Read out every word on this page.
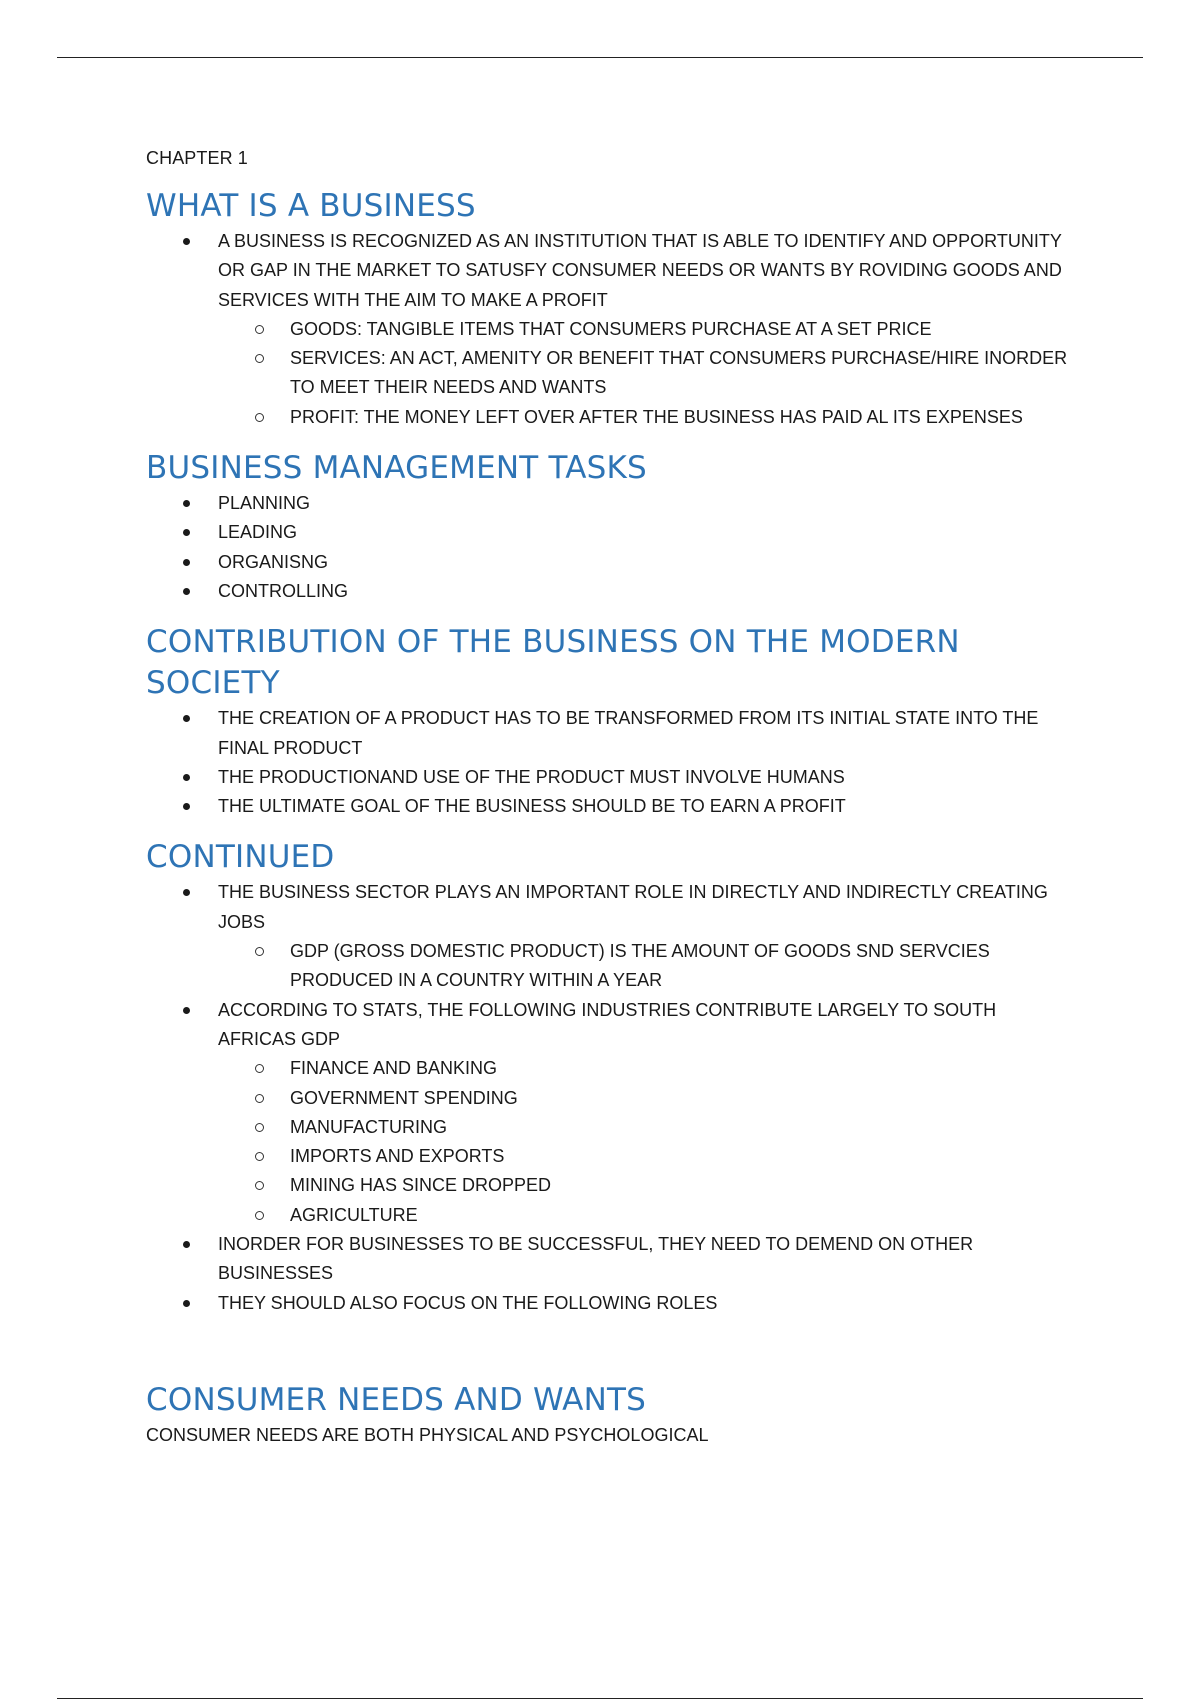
CHAPTER 1
WHAT IS A BUSINESS
A BUSINESS IS RECOGNIZED AS AN INSTITUTION THAT IS ABLE TO IDENTIFY AND OPPORTUNITY OR GAP IN THE MARKET TO SATUSFY CONSUMER NEEDS OR WANTS BY ROVIDING GOODS AND SERVICES WITH THE AIM TO MAKE A PROFIT
GOODS: TANGIBLE ITEMS THAT CONSUMERS PURCHASE AT A SET PRICE
SERVICES: AN ACT, AMENITY OR BENEFIT THAT CONSUMERS PURCHASE/HIRE INORDER TO MEET THEIR NEEDS AND WANTS
PROFIT: THE MONEY LEFT OVER AFTER THE BUSINESS HAS PAID AL ITS EXPENSES
BUSINESS MANAGEMENT TASKS
PLANNING
LEADING
ORGANISNG
CONTROLLING
CONTRIBUTION OF THE BUSINESS ON THE MODERN SOCIETY
THE CREATION OF A PRODUCT HAS TO BE TRANSFORMED FROM ITS INITIAL STATE INTO THE FINAL PRODUCT
THE PRODUCTIONAND USE OF THE PRODUCT MUST INVOLVE HUMANS
THE ULTIMATE GOAL OF THE BUSINESS SHOULD BE TO EARN A PROFIT
CONTINUED
THE BUSINESS SECTOR PLAYS AN IMPORTANT ROLE IN DIRECTLY AND INDIRECTLY CREATING JOBS
GDP (GROSS DOMESTIC PRODUCT) IS THE AMOUNT OF GOODS SND SERVCIES PRODUCED IN A COUNTRY WITHIN A YEAR
ACCORDING TO STATS, THE FOLLOWING INDUSTRIES CONTRIBUTE LARGELY TO SOUTH AFRICAS GDP
FINANCE AND BANKING
GOVERNMENT SPENDING
MANUFACTURING
IMPORTS AND EXPORTS
MINING HAS SINCE DROPPED
AGRICULTURE
INORDER FOR BUSINESSES TO BE SUCCESSFUL, THEY NEED TO DEMEND ON OTHER BUSINESSES
THEY SHOULD ALSO FOCUS ON THE FOLLOWING ROLES
CONSUMER NEEDS AND WANTS

CONSUMER NEEDS ARE BOTH PHYSICAL AND PSYCHOLOGICAL
